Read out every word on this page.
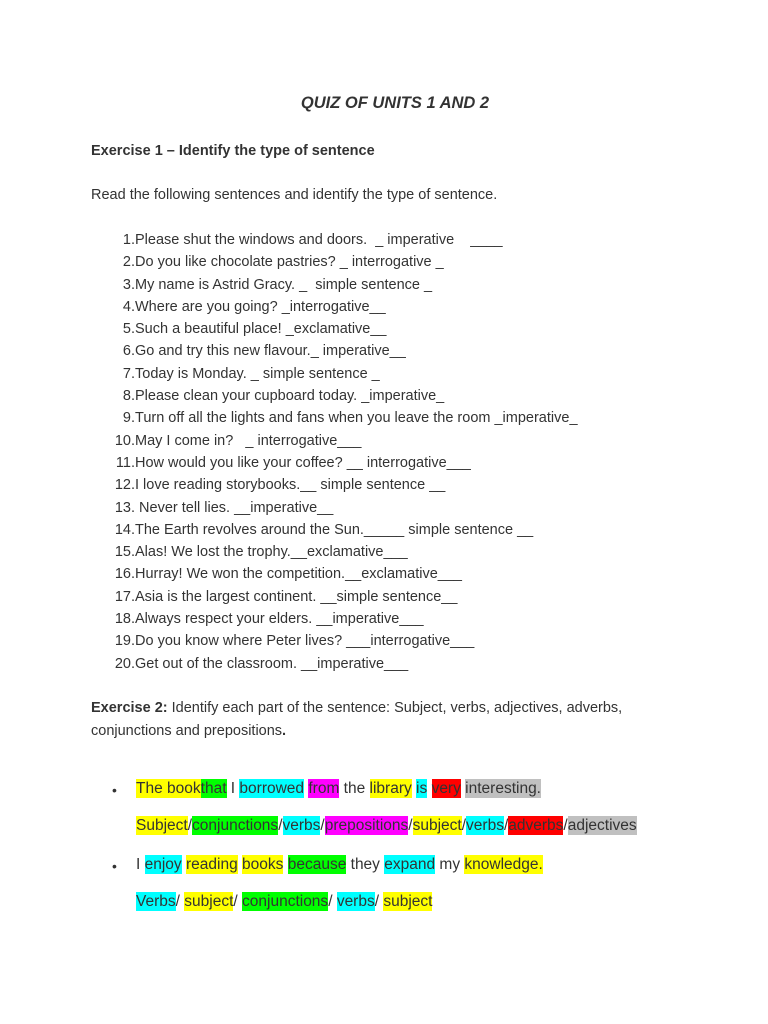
QUIZ OF UNITS 1 AND 2
Exercise 1 – Identify the type of sentence
Read the following sentences and identify the type of sentence.
1. Please shut the windows and doors.  _ imperative    ____
2. Do you like chocolate pastries? _ interrogative _
3. My name is Astrid Gracy. _  simple sentence _
4. Where are you going? _interrogative__
5. Such a beautiful place! _exclamative__
6. Go and try this new flavour._ imperative__
7. Today is Monday. _ simple sentence _
8. Please clean your cupboard today. _imperative_
9. Turn off all the lights and fans when you leave the room _imperative_
10. May I come in?   _ interrogative___
11. How would you like your coffee? __ interrogative___
12. I love reading storybooks.__ simple sentence __
13. Never tell lies. __imperative__
14. The Earth revolves around the Sun._____ simple sentence __
15. Alas! We lost the trophy.__exclamative___
16. Hurray! We won the competition.__exclamative___
17. Asia is the largest continent. __simple sentence__
18. Always respect your elders. __imperative___
19. Do you know where Peter lives? ___interrogative___
20. Get out of the classroom. __imperative___
Exercise 2: Identify each part of the sentence: Subject, verbs, adjectives, adverbs, conjunctions and prepositions.
• The bookthat I borrowed from the library is very interesting.
Subject/conjunctions/verbs/prepositions/subject/verbs/adverbs/adjectives
• I enjoy reading books because they expand my knowledge.
Verbs/ subject/ conjunctions/ verbs/ subject
